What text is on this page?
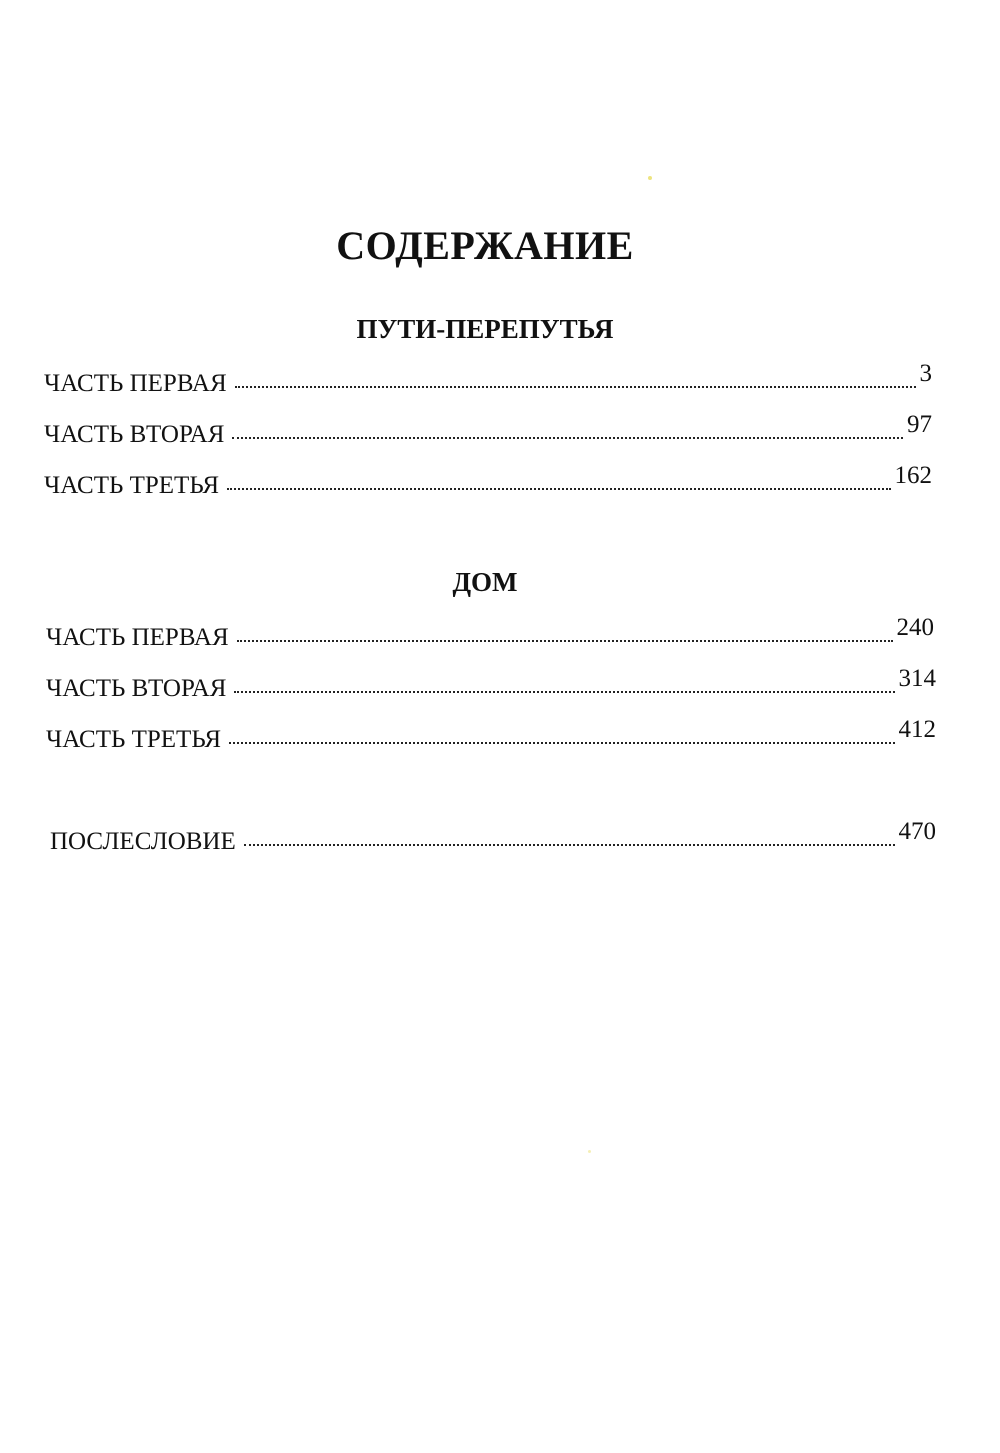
СОДЕРЖАНИЕ
ПУТИ-ПЕРЕПУТЬЯ
ЧАСТЬ ПЕРВАЯ	3
ЧАСТЬ ВТОРАЯ	97
ЧАСТЬ ТРЕТЬЯ	162
ДОМ
ЧАСТЬ ПЕРВАЯ	240
ЧАСТЬ ВТОРАЯ	314
ЧАСТЬ ТРЕТЬЯ	412
ПОСЛЕСЛОВИЕ	470
